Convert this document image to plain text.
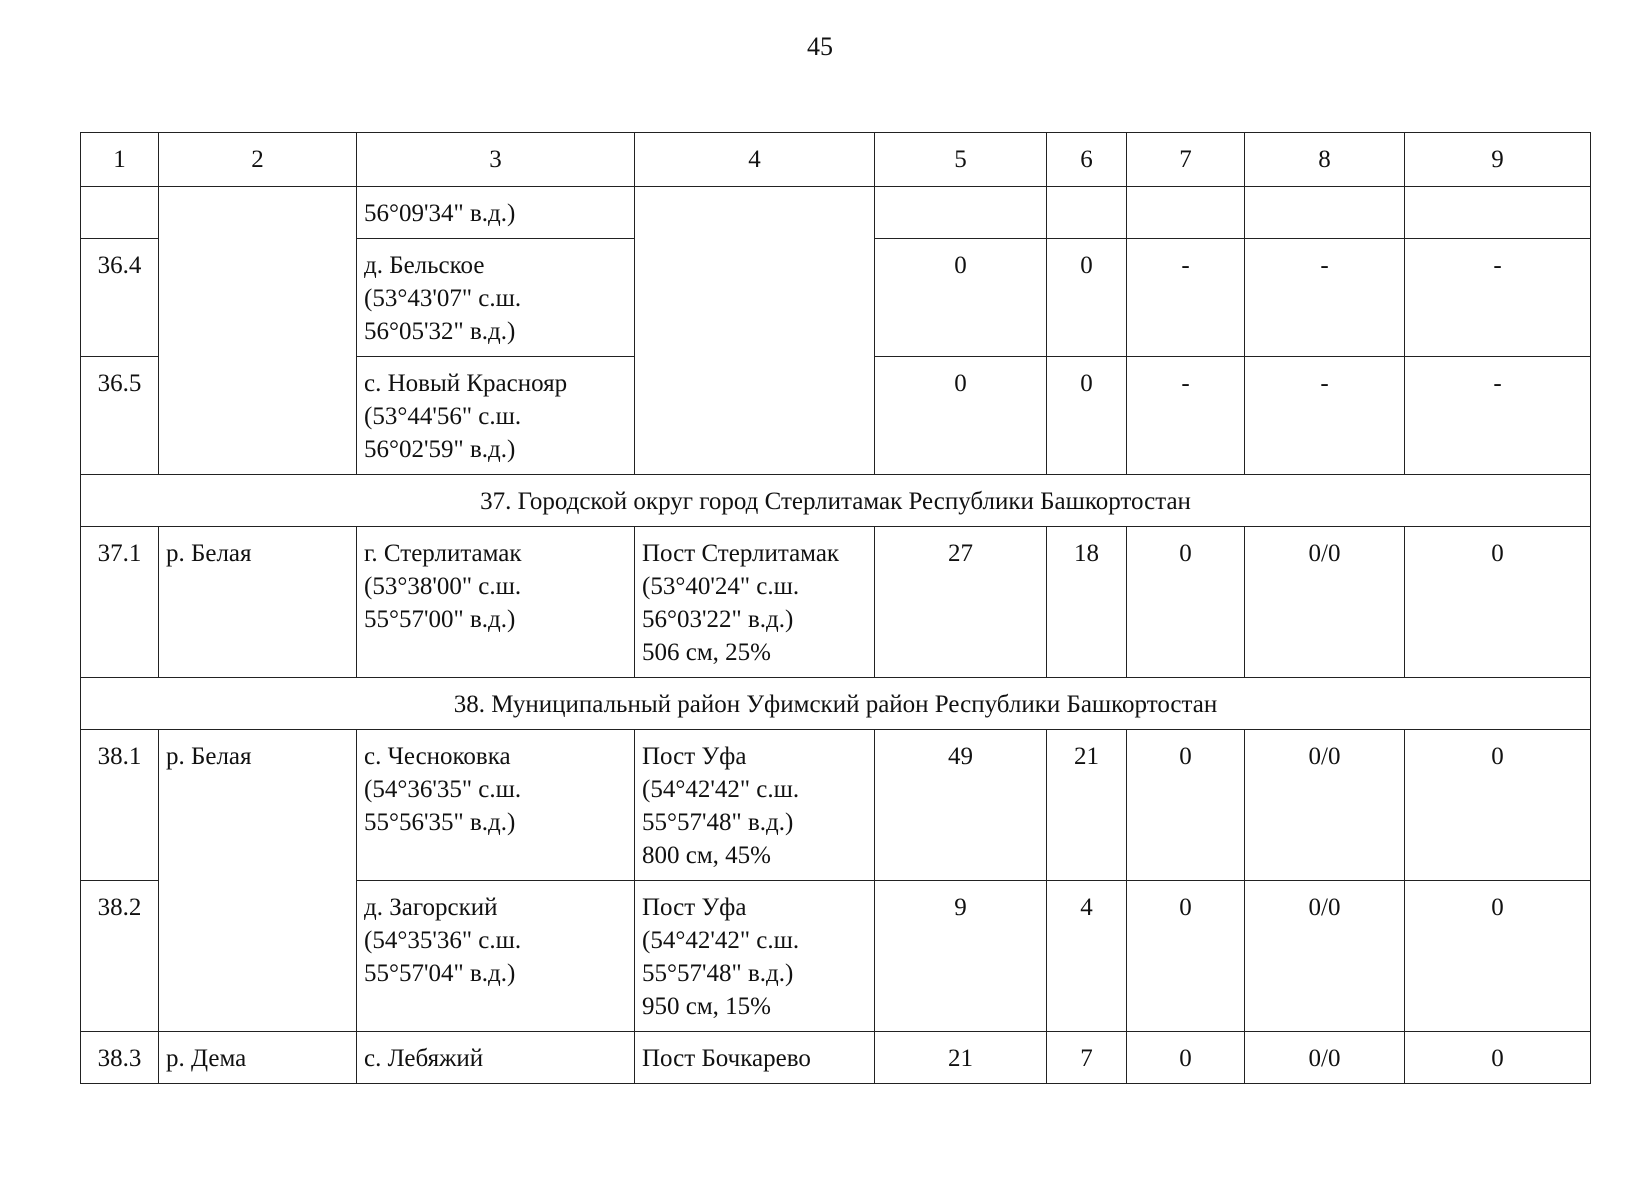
45
1	2	3	4	5	6	7	8	9

		56°09'34" в.д.)						

36.4		д. Бельское
(53°43'07" с.ш.
56°05'32" в.д.)		0	0	-	-	-
36.5		с. Новый Краснояр
(53°44'56" с.ш.
56°02'59" в.д.)		0	0	-	-	-
37. Городской округ город Стерлитамак Республики Башкортостан								
37.1	р. Белая	г. Стерлитамак
(53°38'00" с.ш.
55°57'00" в.д.)	Пост Стерлитамак
(53°40'24" с.ш.
56°03'22" в.д.)
506 см, 25%	27	18	0	0/0	0
38. Муниципальный район Уфимский район Республики Башкортостан								
38.1	р. Белая	с. Чесноковка
(54°36'35" с.ш.
55°56'35" в.д.)	Пост Уфа
(54°42'42" с.ш.
55°57'48" в.д.)
800 см, 45%	49	21	0	0/0	0
38.2		д. Загорский
(54°35'36" с.ш.
55°57'04" в.д.)	Пост Уфа
(54°42'42" с.ш.
55°57'48" в.д.)
950 см, 15%	9	4	0	0/0	0
38.3	р. Дема	с. Лебяжий	Пост Бочкарево	21	7	0	0/0	0
